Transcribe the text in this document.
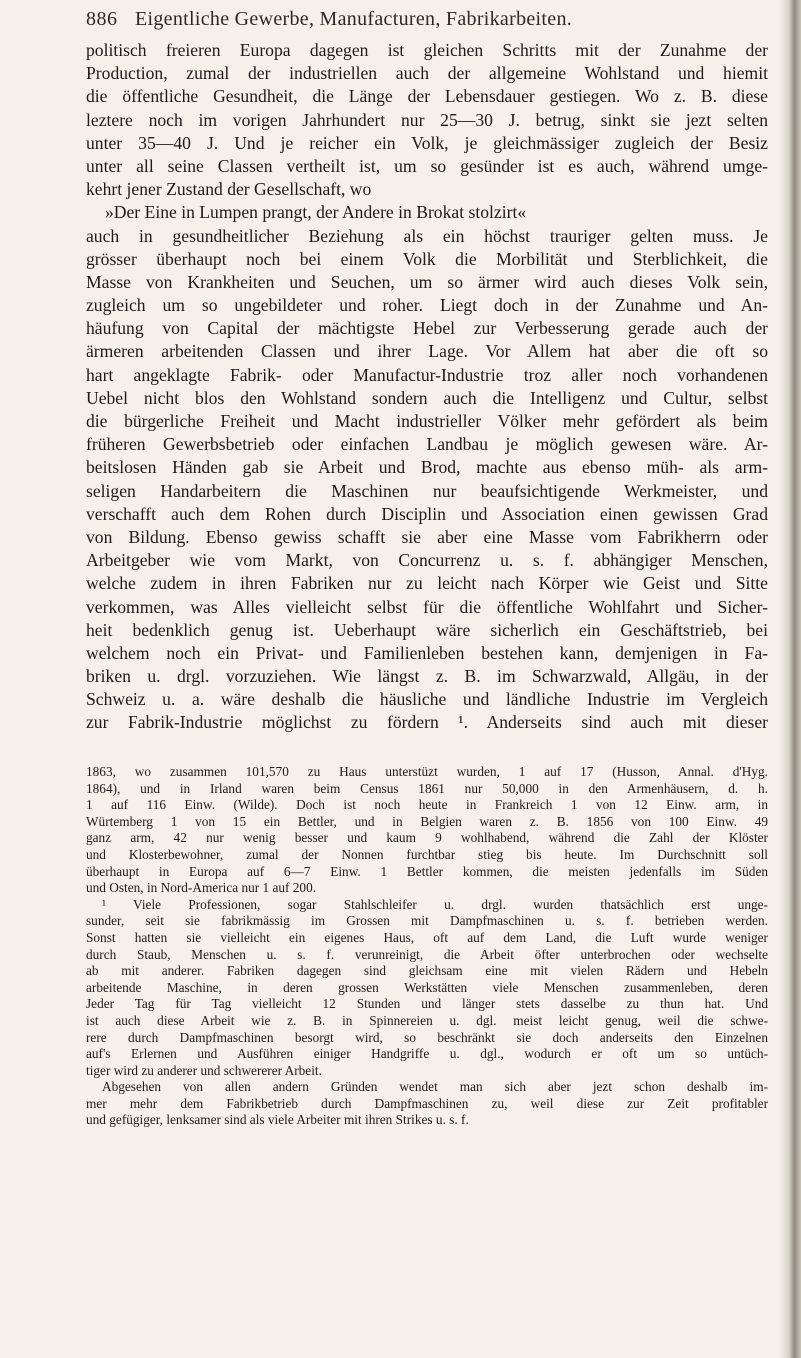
886 Eigentliche Gewerbe, Manufacturen, Fabrikarbeiten.
politisch freieren Europa dagegen ist gleichen Schritts mit der Zunahme der
Production, zumal der industriellen auch der allgemeine Wohlstand und hiemit
die öffentliche Gesundheit, die Länge der Lebensdauer gestiegen. Wo z. B. diese
leztere noch im vorigen Jahrhundert nur 25—30 J. betrug, sinkt sie jezt selten
unter 35—40 J. Und je reicher ein Volk, je gleichmässiger zugleich der Besiz
unter all seine Classen vertheilt ist, um so gesünder ist es auch, während umge-
kehrt jener Zustand der Gesellschaft, wo
»Der Eine in Lumpen prangt, der Andere in Brokat stolzirt«
auch in gesundheitlicher Beziehung als ein höchst trauriger gelten muss. Je
grösser überhaupt noch bei einem Volk die Morbilität und Sterblichkeit, die
Masse von Krankheiten und Seuchen, um so ärmer wird auch dieses Volk sein,
zugleich um so ungebildeter und roher. Liegt doch in der Zunahme und An-
häufung von Capital der mächtigste Hebel zur Verbesserung gerade auch der
ärmeren arbeitenden Classen und ihrer Lage. Vor Allem hat aber die oft so
hart angeklagte Fabrik- oder Manufactur-Industrie troz aller noch vorhandenen
Uebel nicht blos den Wohlstand sondern auch die Intelligenz und Cultur, selbst
die bürgerliche Freiheit und Macht industrieller Völker mehr gefördert als beim
früheren Gewerbsbetrieb oder einfachen Landbau je möglich gewesen wäre. Ar-
beitslosen Händen gab sie Arbeit und Brod, machte aus ebenso müh- als arm-
seligen Handarbeitern die Maschinen nur beaufsichtigende Werkmeister, und
verschafft auch dem Rohen durch Disciplin und Association einen gewissen Grad
von Bildung. Ebenso gewiss schafft sie aber eine Masse vom Fabrikherrn oder
Arbeitgeber wie vom Markt, von Concurrenz u. s. f. abhängiger Menschen,
welche zudem in ihren Fabriken nur zu leicht nach Körper wie Geist und Sitte
verkommen, was Alles vielleicht selbst für die öffentliche Wohlfahrt und Sicher-
heit bedenklich genug ist. Ueberhaupt wäre sicherlich ein Geschäftstrieb, bei
welchem noch ein Privat- und Familienleben bestehen kann, demjenigen in Fa-
briken u. drgl. vorzuziehen. Wie längst z. B. im Schwarzwald, Allgäu, in der
Schweiz u. a. wäre deshalb die häusliche und ländliche Industrie im Vergleich
zur Fabrik-Industrie möglichst zu fördern ¹. Anderseits sind auch mit dieser
1863, wo zusammen 101,570 zu Haus unterstüzt wurden, 1 auf 17 (Husson, Annal. d'Hyg.
1864), und in Irland waren beim Census 1861 nur 50,000 in den Armenhäusern, d. h.
1 auf 116 Einw. (Wilde). Doch ist noch heute in Frankreich 1 von 12 Einw. arm, in
Würtemberg 1 von 15 ein Bettler, und in Belgien waren z. B. 1856 von 100 Einw. 49
ganz arm, 42 nur wenig besser und kaum 9 wohlhabend, während die Zahl der Klöster
und Klosterbewohner, zumal der Nonnen furchtbar stieg bis heute. Im Durchschnitt soll
überhaupt in Europa auf 6—7 Einw. 1 Bettler kommen, die meisten jedenfalls im Süden
und Osten, in Nord-America nur 1 auf 200.
¹ Viele Professionen, sogar Stahlschleifer u. drgl. wurden thatsächlich erst unge-
sunder, seit sie fabrikmässig im Grossen mit Dampfmaschinen u. s. f. betrieben werden.
Sonst hatten sie vielleicht ein eigenes Haus, oft auf dem Land, die Luft wurde weniger
durch Staub, Menschen u. s. f. verunreinigt, die Arbeit öfter unterbrochen oder wechselte
ab mit anderer. Fabriken dagegen sind gleichsam eine mit vielen Rädern und Hebeln
arbeitende Maschine, in deren grossen Werkstätten viele Menschen zusammenleben, deren
Jeder Tag für Tag vielleicht 12 Stunden und länger stets dasselbe zu thun hat. Und
ist auch diese Arbeit wie z. B. in Spinnereien u. dgl. meist leicht genug, weil die schwe-
rere durch Dampfmaschinen besorgt wird, so beschränkt sie doch anderseits den Einzelnen
auf's Erlernen und Ausführen einiger Handgriffe u. dgl., wodurch er oft um so untüch-
tiger wird zu anderer und schwererer Arbeit.
Abgesehen von allen andern Gründen wendet man sich aber jezt schon deshalb im-
mer mehr dem Fabrikbetrieb durch Dampfmaschinen zu, weil diese zur Zeit profitabler
und gefügiger, lenksamer sind als viele Arbeiter mit ihren Strikes u. s. f.
